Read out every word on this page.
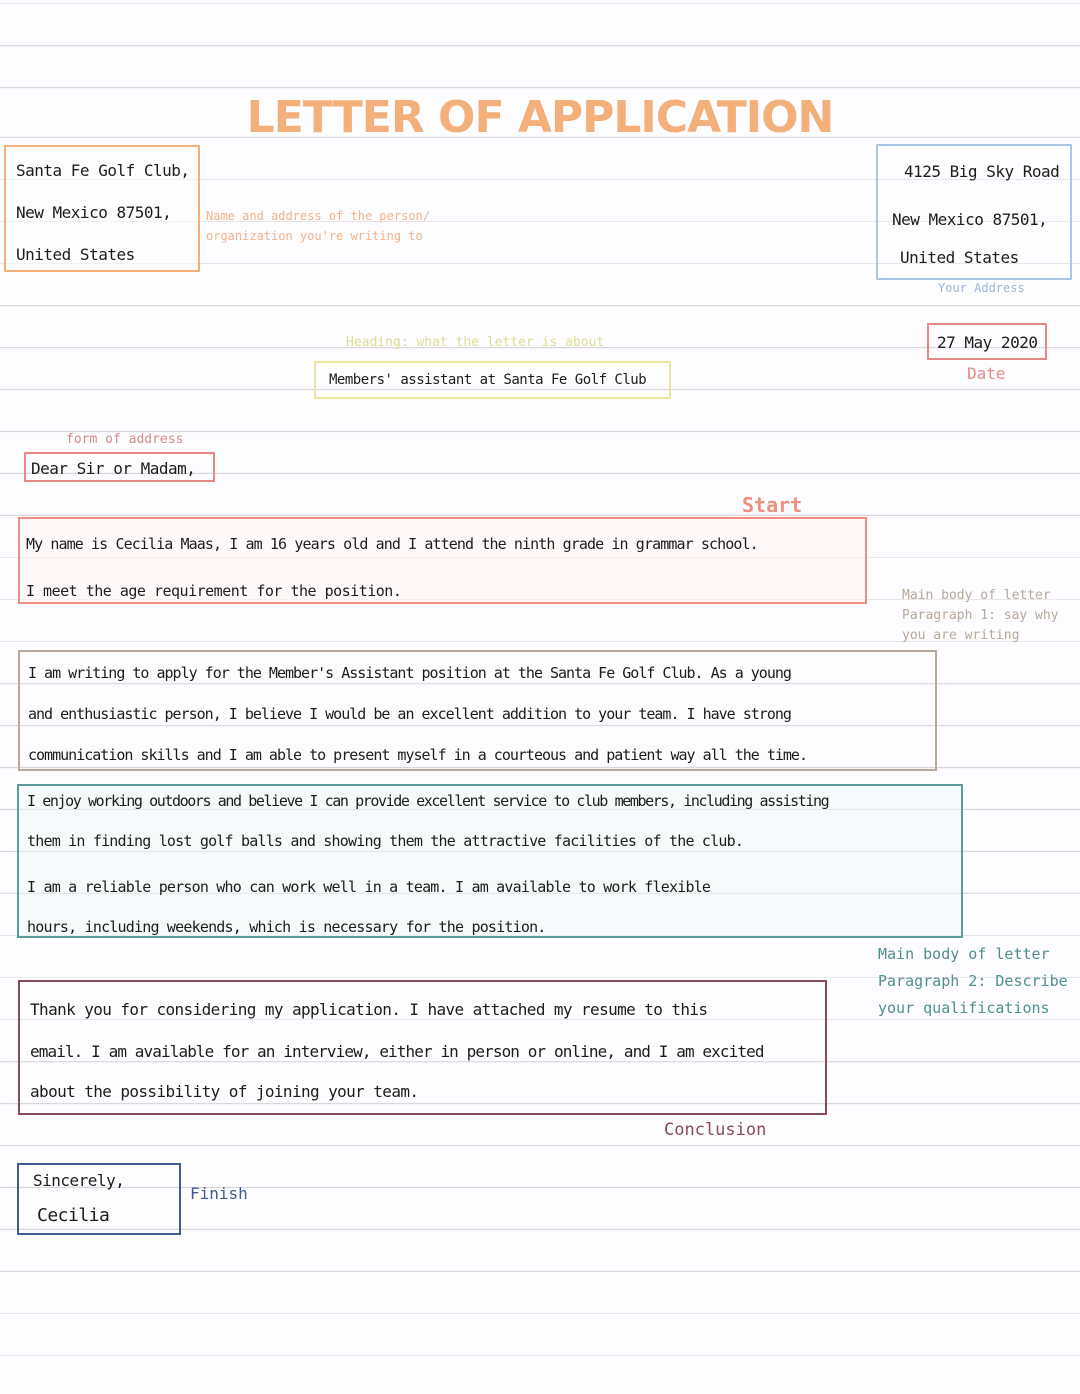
LETTER OF APPLICATION
Santa Fe Golf Club,
New Mexico 87501,
United States
Name and address of the person/
organization you're writing to
4125 Big Sky Road
New Mexico 87501,
United States
Your Address
27 May 2020
Date
Heading: what the letter is about
Members' assistant at Santa Fe Golf Club
form of address
Dear Sir or Madam,
Start
My name is Cecilia Maas, I am 16 years old and I attend the ninth grade in grammar school.
I meet the age requirement for the position.
I am writing to apply for the Member's Assistant position at the Santa Fe Golf Club. As a young
and enthusiastic person, I believe I would be an excellent addition to your team. I have strong
communication skills and I am able to present myself in a courteous and patient way all the time.
Main body of letter
Paragraph 1: say why
you are writing
I enjoy working outdoors and believe I can provide excellent service to club members, including assisting
them in finding lost golf balls and showing them the attractive facilities of the club.
I am a reliable person who can work well in a team. I am available to work flexible
hours, including weekends, which is necessary for the position.
Main body of letter
Paragraph 2: Describe
your qualifications
Thank you for considering my application. I have attached my resume to this
email. I am available for an interview, either in person or online, and I am excited
about the possibility of joining your team.
Conclusion
Sincerely,
Cecilia
Finish
